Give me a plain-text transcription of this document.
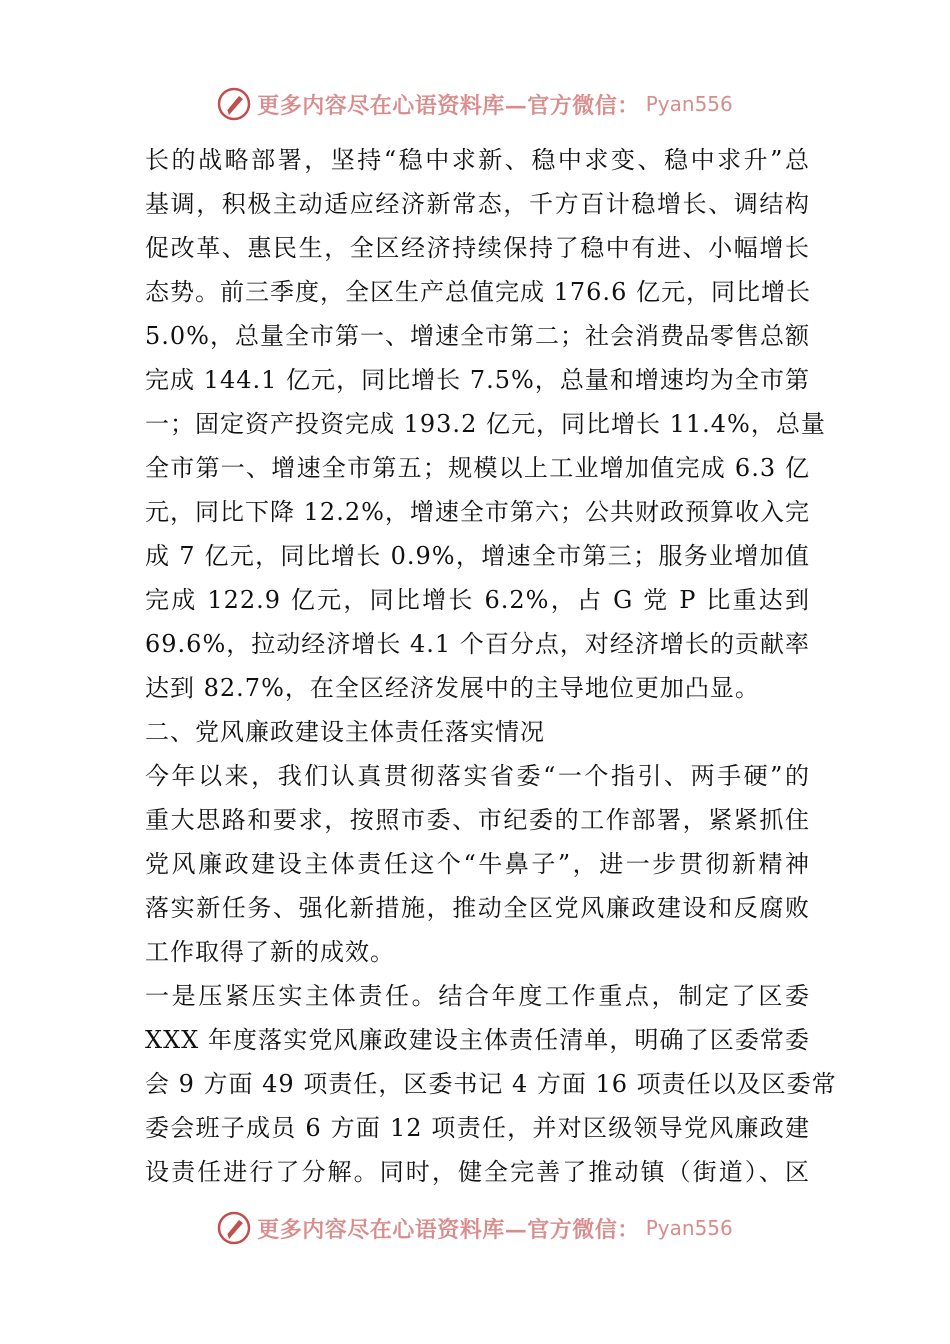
更多内容尽在心语资料库—官方微信： Pyan556
长的战略部署，坚持“稳中求新、稳中求变、稳中求升”总
基调，积极主动适应经济新常态，千方百计稳增长、调结构
促改革、惠民生，全区经济持续保持了稳中有进、小幅增长
态势。前三季度，全区生产总值完成 176.6 亿元，同比增长
5.0%，总量全市第一、增速全市第二；社会消费品零售总额
完成 144.1 亿元，同比增长 7.5%，总量和增速均为全市第
一；固定资产投资完成 193.2 亿元，同比增长 11.4%，总量
全市第一、增速全市第五；规模以上工业增加值完成 6.3 亿
元，同比下降 12.2%，增速全市第六；公共财政预算收入完
成 7 亿元，同比增长 0.9%，增速全市第三；服务业增加值
完成 122.9 亿元，同比增长 6.2%，占 G 党 P 比重达到
69.6%，拉动经济增长 4.1 个百分点，对经济增长的贡献率
达到 82.7%，在全区经济发展中的主导地位更加凸显。
二、党风廉政建设主体责任落实情况
今年以来，我们认真贯彻落实省委“一个指引、两手硬”的
重大思路和要求，按照市委、市纪委的工作部署，紧紧抓住
党风廉政建设主体责任这个“牛鼻子”，进一步贯彻新精神
落实新任务、强化新措施，推动全区党风廉政建设和反腐败
工作取得了新的成效。
一是压紧压实主体责任。结合年度工作重点，制定了区委
XXX 年度落实党风廉政建设主体责任清单，明确了区委常委
会 9 方面 49 项责任，区委书记 4 方面 16 项责任以及区委常
委会班子成员 6 方面 12 项责任，并对区级领导党风廉政建
设责任进行了分解。同时，健全完善了推动镇（街道）、区
更多内容尽在心语资料库—官方微信： Pyan556
